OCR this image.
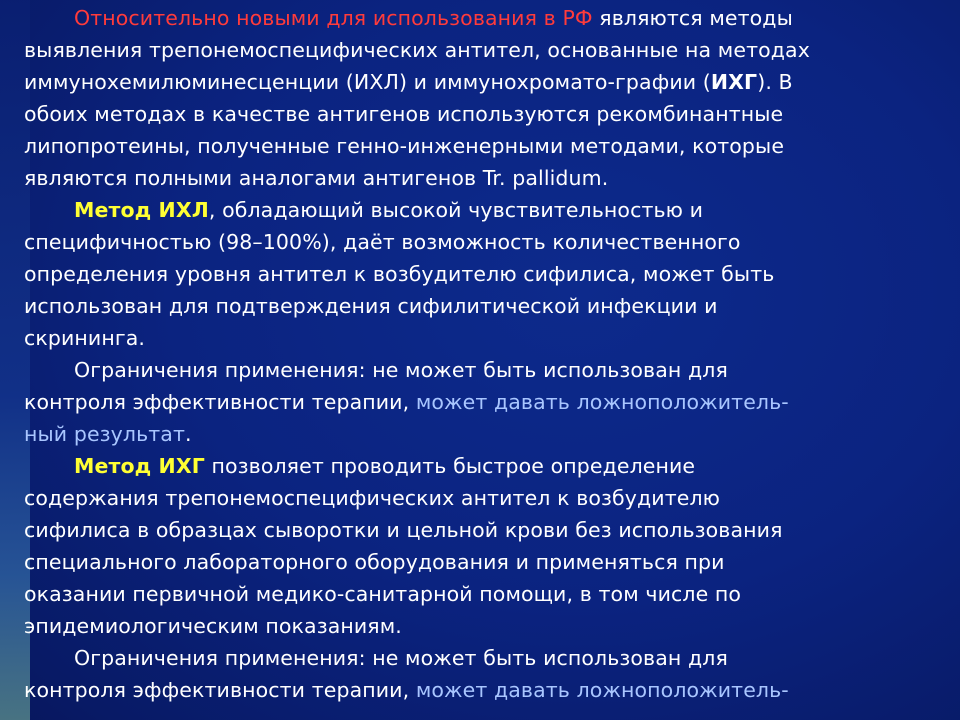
Относительно новыми для использования в РФ являются методы
выявления трепонемоспецифических антител, основанные на методах
иммунохемилюминесценции (ИХЛ) и иммунохромато-графии (ИХГ). В
обоих методах в качестве антигенов используются рекомбинантные
липопротеины, полученные генно-инженерными методами, которые
являются полными аналогами антигенов Tr. pallidum.
Метод ИХЛ, обладающий высокой чувствительностью и
специфичностью (98–100%), даёт возможность количественного
определения уровня антител к возбудителю сифилиса, может быть
использован для подтверждения сифилитической инфекции и
скрининга.
Ограничения применения: не может быть использован для
контроля эффективности терапии, может давать ложноположитель-
ный результат.
Метод ИХГ позволяет проводить быстрое определение
содержания трепонемоспецифических антител к возбудителю
сифилиса в образцах сыворотки и цельной крови без использования
специального лабораторного оборудования и применяться при
оказании первичной медико-санитарной помощи, в том числе по
эпидемиологическим показаниям.
Ограничения применения: не может быть использован для
контроля эффективности терапии, может давать ложноположитель-
